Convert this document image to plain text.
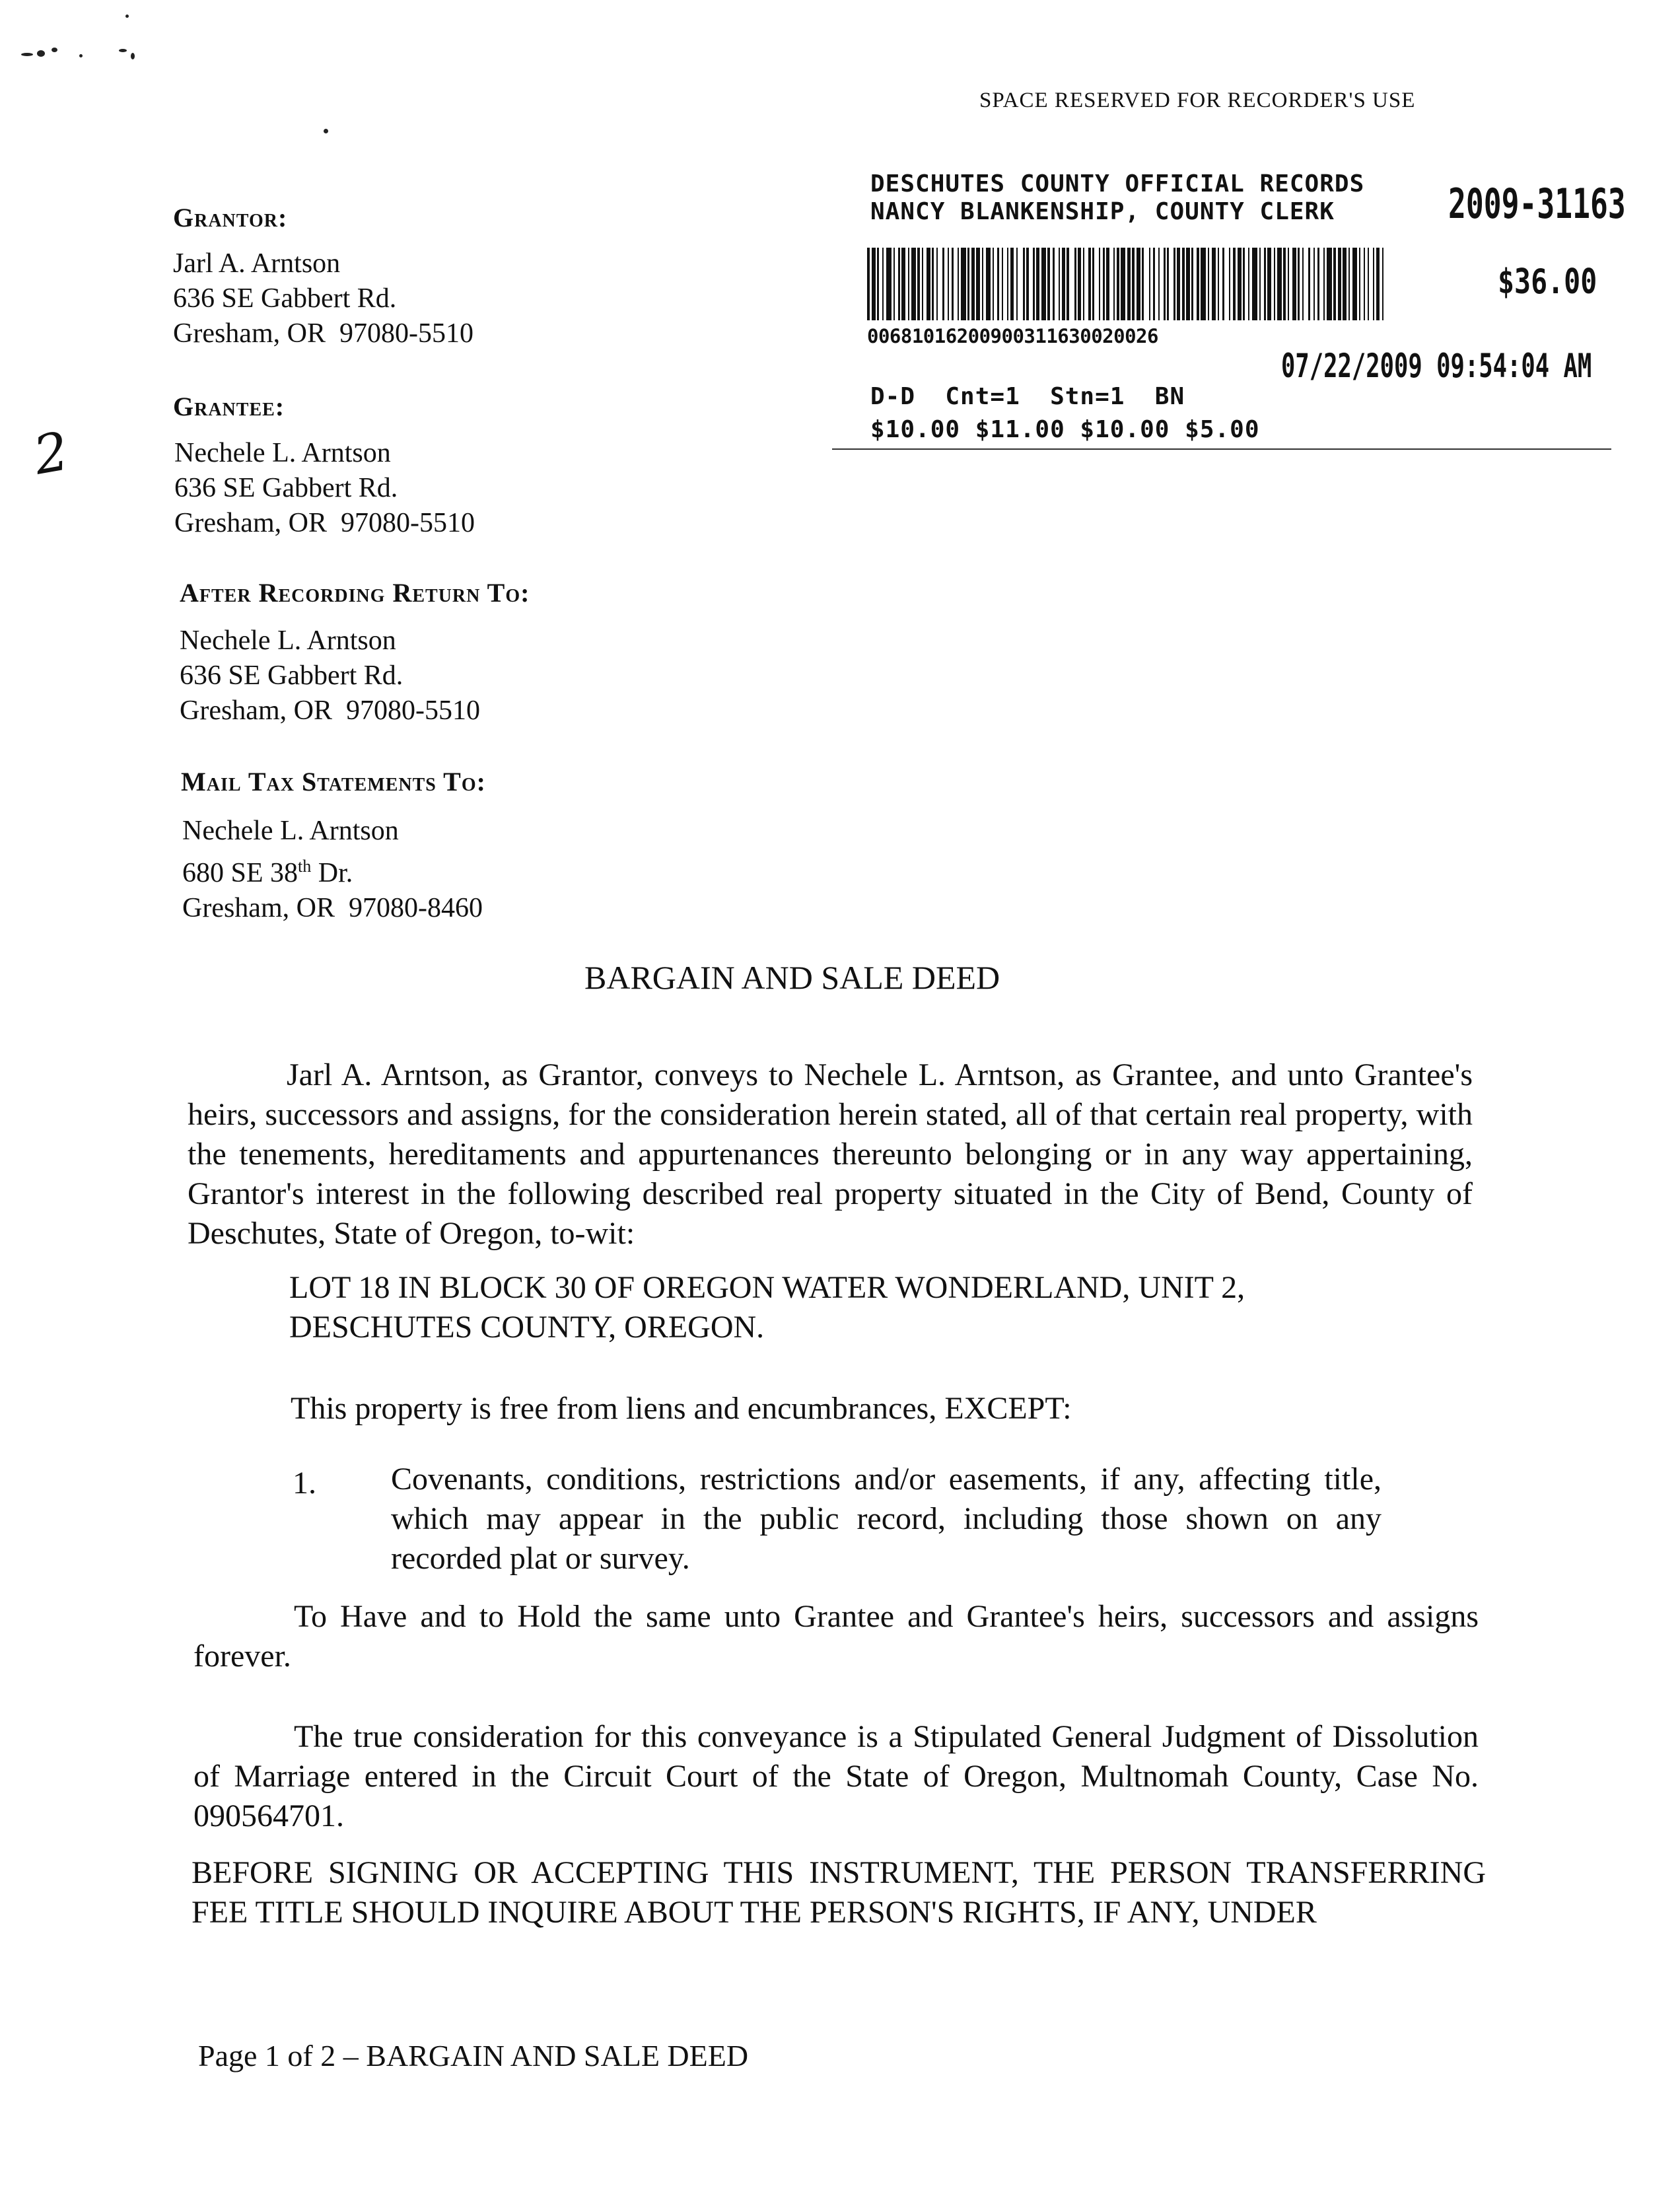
SPACE RESERVED FOR RECORDER'S USE
DESCHUTES COUNTY OFFICIAL RECORDS
NANCY BLANKENSHIP, COUNTY CLERK	2009-31163
$36.00
00681016200900311630020026
07/22/2009 09:54:04 AM
D-D  Cnt=1  Stn=1  BN
$10.00 $11.00 $10.00 $5.00
2
Grantor:
Jarl A. Arntson
636 SE Gabbert Rd.
Gresham, OR  97080-5510
Grantee:
Nechele L. Arntson
636 SE Gabbert Rd.
Gresham, OR  97080-5510
After Recording Return To:
Nechele L. Arntson
636 SE Gabbert Rd.
Gresham, OR  97080-5510
Mail Tax Statements To:
Nechele L. Arntson
680 SE 38th Dr.
Gresham, OR  97080-8460
BARGAIN AND SALE DEED
Jarl A. Arntson, as Grantor, conveys to Nechele L. Arntson, as Grantee, and unto Grantee's heirs, successors and assigns, for the consideration herein stated, all of that certain real property, with the tenements, hereditaments and appurtenances thereunto belonging or in any way appertaining, Grantor's interest in the following described real property situated in the City of Bend, County of Deschutes, State of Oregon, to-wit:
LOT 18 IN BLOCK 30 OF OREGON WATER WONDERLAND, UNIT 2,
DESCHUTES COUNTY, OREGON.
This property is free from liens and encumbrances, EXCEPT:
1. Covenants, conditions, restrictions and/or easements, if any, affecting title, which may appear in the public record, including those shown on any recorded plat or survey.
To Have and to Hold the same unto Grantee and Grantee's heirs, successors and assigns forever.
The true consideration for this conveyance is a Stipulated General Judgment of Dissolution of Marriage entered in the Circuit Court of the State of Oregon, Multnomah County, Case No. 090564701.
BEFORE SIGNING OR ACCEPTING THIS INSTRUMENT, THE PERSON TRANSFERRING FEE TITLE SHOULD INQUIRE ABOUT THE PERSON'S RIGHTS, IF ANY, UNDER
Page 1 of 2 – BARGAIN AND SALE DEED
